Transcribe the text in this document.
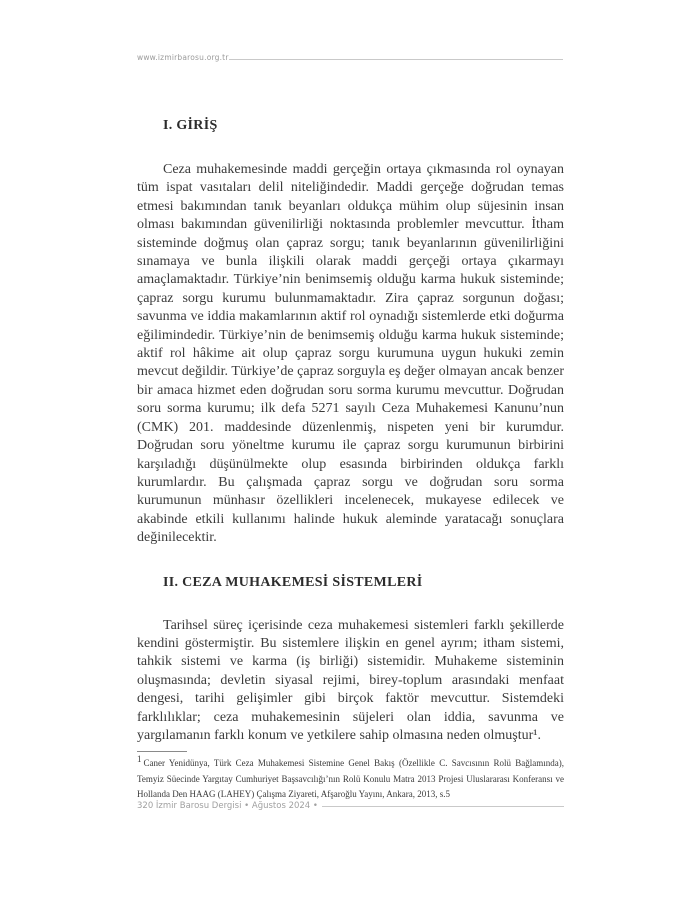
www.izmirbarosu.org.tr
I. GİRİŞ

Ceza muhakemesinde maddi gerçeğin ortaya çıkmasında rol oynayan tüm ispat vasıtaları delil niteliğindedir. Maddi gerçeğe doğrudan temas etmesi bakımından tanık beyanları oldukça mühim olup süjesinin insan olması bakımından güvenilirliği noktasında problemler mevcuttur. İtham sisteminde doğmuş olan çapraz sorgu; tanık beyanlarının güvenilirliğini sınamaya ve bunla ilişkili olarak maddi gerçeği ortaya çıkarmayı amaçlamaktadır. Türkiye’nin benimsemiş olduğu karma hukuk sisteminde; çapraz sorgu kurumu bulunmamaktadır. Zira çapraz sorgunun doğası; savunma ve iddia makamlarının aktif rol oynadığı sistemlerde etki doğurma eğilimindedir. Türkiye’nin de benimsemiş olduğu karma hukuk sisteminde; aktif rol hâkime ait olup çapraz sorgu kurumuna uygun hukuki zemin mevcut değildir. Türkiye’de çapraz sorguyla eş değer olmayan ancak benzer bir amaca hizmet eden doğrudan soru sorma kurumu mevcuttur. Doğrudan soru sorma kurumu; ilk defa 5271 sayılı Ceza Muhakemesi Kanunu’nun (CMK) 201. maddesinde düzenlenmiş, nispeten yeni bir kurumdur. Doğrudan soru yöneltme kurumu ile çapraz sorgu kurumunun birbirini karşıladığı düşünülmekte olup esasında birbirinden oldukça farklı kurumlardır. Bu çalışmada çapraz sorgu ve doğrudan soru sorma kurumunun münhasır özellikleri incelenecek, mukayese edilecek ve akabinde etkili kullanımı halinde hukuk aleminde yaratacağı sonuçlara değinilecektir.

II. CEZA MUHAKEMESİ SİSTEMLERİ

Tarihsel süreç içerisinde ceza muhakemesi sistemleri farklı şekillerde kendini göstermiştir. Bu sistemlere ilişkin en genel ayrım; itham sistemi, tahkik sistemi ve karma (iş birliği) sistemidir. Muhakeme sisteminin oluşmasında; devletin siyasal rejimi, birey-toplum arasındaki menfaat dengesi, tarihi gelişimler gibi birçok faktör mevcuttur. Sistemdeki farklılıklar; ceza muhakemesinin süjeleri olan iddia, savunma ve yargılamanın farklı konum ve yetkilere sahip olmasına neden olmuştur¹.

1 Caner Yenidünya, Türk Ceza Muhakemesi Sistemine Genel Bakış (Özellikle C. Savcısının Rolü Bağlamında), Temyiz Süecinde Yargıtay Cumhuriyet Başsavcılığı’nın Rolü Konulu Matra 2013 Projesi Uluslararası Konferansı ve Hollanda Den HAAG (LAHEY) Çalışma Ziyareti, Afşaroğlu Yayını, Ankara, 2013, s.5
320 İzmir Barosu Dergisi • Ağustos 2024 •
